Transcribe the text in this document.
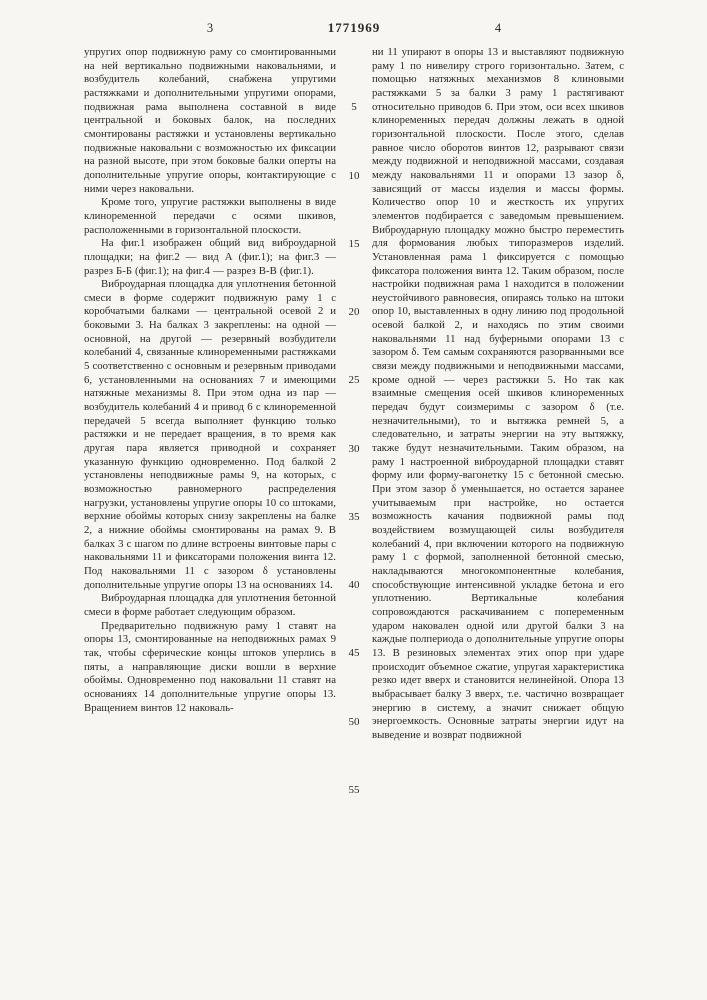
3	1771969	4

упругих опор подвижную раму со смонтированными на ней вертикально подвижными наковальнями, и возбудитель колебаний, снабжена упругими растяжками и дополнительными упругими опорами, подвижная рама выполнена составной в виде центральной и боковых балок, на последних смонтированы растяжки и установлены вертикально подвижные наковальни с возможностью их фиксации на разной высоте, при этом боковые балки оперты на дополнительные упругие опоры, контактирующие с ними через наковальни.

Кроме того, упругие растяжки выполнены в виде клиноременной передачи с осями шкивов, расположенными в горизонтальной плоскости.

На фиг.1 изображен общий вид виброударной площадки; на фиг.2 — вид А (фиг.1); на фиг.3 — разрез Б-Б (фиг.1); на фиг.4 — разрез В-В (фиг.1).

Виброударная площадка для уплотнения бетонной смеси в форме содержит подвижную раму 1 с коробчатыми балками — центральной осевой 2 и боковыми 3. На балках 3 закреплены: на одной — основной, на другой — резервный возбудители колебаний 4, связанные клиноременными растяжками 5 соответственно с основным и резервным приводами 6, установленными на основаниях 7 и имеющими натяжные механизмы 8. При этом одна из пар — возбудитель колебаний 4 и привод 6 с клиноременной передачей 5 всегда выполняет функцию только растяжки и не передает вращения, в то время как другая пара является приводной и сохраняет указанную функцию одновременно. Под балкой 2 установлены неподвижные рамы 9, на которых, с возможностью равномерного распределения нагрузки, установлены упругие опоры 10 со штоками, верхние обоймы которых снизу закреплены на балке 2, а нижние обоймы смонтированы на рамах 9. В балках 3 с шагом по длине встроены винтовые пары с наковальнями 11 и фиксаторами положения винта 12. Под наковальнями 11 с зазором δ установлены дополнительные упругие опоры 13 на основаниях 14.

Виброударная площадка для уплотнения бетонной смеси в форме работает следующим образом.

Предварительно подвижную раму 1 ставят на опоры 13, смонтированные на неподвижных рамах 9 так, чтобы сферические концы штоков уперлись в пяты, а направляющие диски вошли в верхние обоймы. Одновременно под наковальни 11 ставят на основаниях 14 дополнительные упругие опоры 13. Вращением винтов 12 наковаль-

5
10
15
20
25
30
35
40
45
50
55

ни 11 упирают в опоры 13 и выставляют подвижную раму 1 по нивелиру строго горизонтально. Затем, с помощью натяжных механизмов 8 клиновыми растяжками 5 за балки 3 раму 1 растягивают относительно приводов 6. При этом, оси всех шкивов клиноременных передач должны лежать в одной горизонтальной плоскости. После этого, сделав равное число оборотов винтов 12, разрывают связи между подвижной и неподвижной массами, создавая между наковальнями 11 и опорами 13 зазор δ, зависящий от массы изделия и массы формы. Количество опор 10 и жесткость их упругих элементов подбирается с заведомым превышением. Виброударную площадку можно быстро переместить для формования любых типоразмеров изделий. Установленная рама 1 фиксируется с помощью фиксатора положения винта 12. Таким образом, после настройки подвижная рама 1 находится в положении неустойчивого равновесия, опираясь только на штоки опор 10, выставленных в одну линию под продольной осевой балкой 2, и находясь по этим своими наковальнями 11 над буферными опорами 13 с зазором δ. Тем самым сохраняются разорванными все связи между подвижными и неподвижными массами, кроме одной — через растяжки 5. Но так как взаимные смещения осей шкивов клиноременных передач будут соизмеримы с зазором δ (т.е. незначительными), то и вытяжка ремней 5, а следовательно, и затраты энергии на эту вытяжку, также будут незначительными. Таким образом, на раму 1 настроенной виброударной площадки ставят форму или форму-вагонетку 15 с бетонной смесью. При этом зазор δ уменьшается, но остается заранее учитываемым при настройке, но остается возможность качания подвижной рамы под воздействием возмущающей силы возбудителя колебаний 4, при включении которого на подвижную раму 1 с формой, заполненной бетонной смесью, накладываются многокомпонентные колебания, способствующие интенсивной укладке бетона и его уплотнению. Вертикальные колебания сопровождаются раскачиванием с попеременным ударом наковален одной или другой балки 3 на каждые полпериода о дополнительные упругие опоры 13. В резиновых элементах этих опор при ударе происходит объемное сжатие, упругая характеристика резко идет вверх и становится нелинейной. Опора 13 выбрасывает балку 3 вверх, т.е. частично возвращает энергию в систему, а значит снижает общую энергоемкость. Основные затраты энергии идут на выведение и возврат подвижной
